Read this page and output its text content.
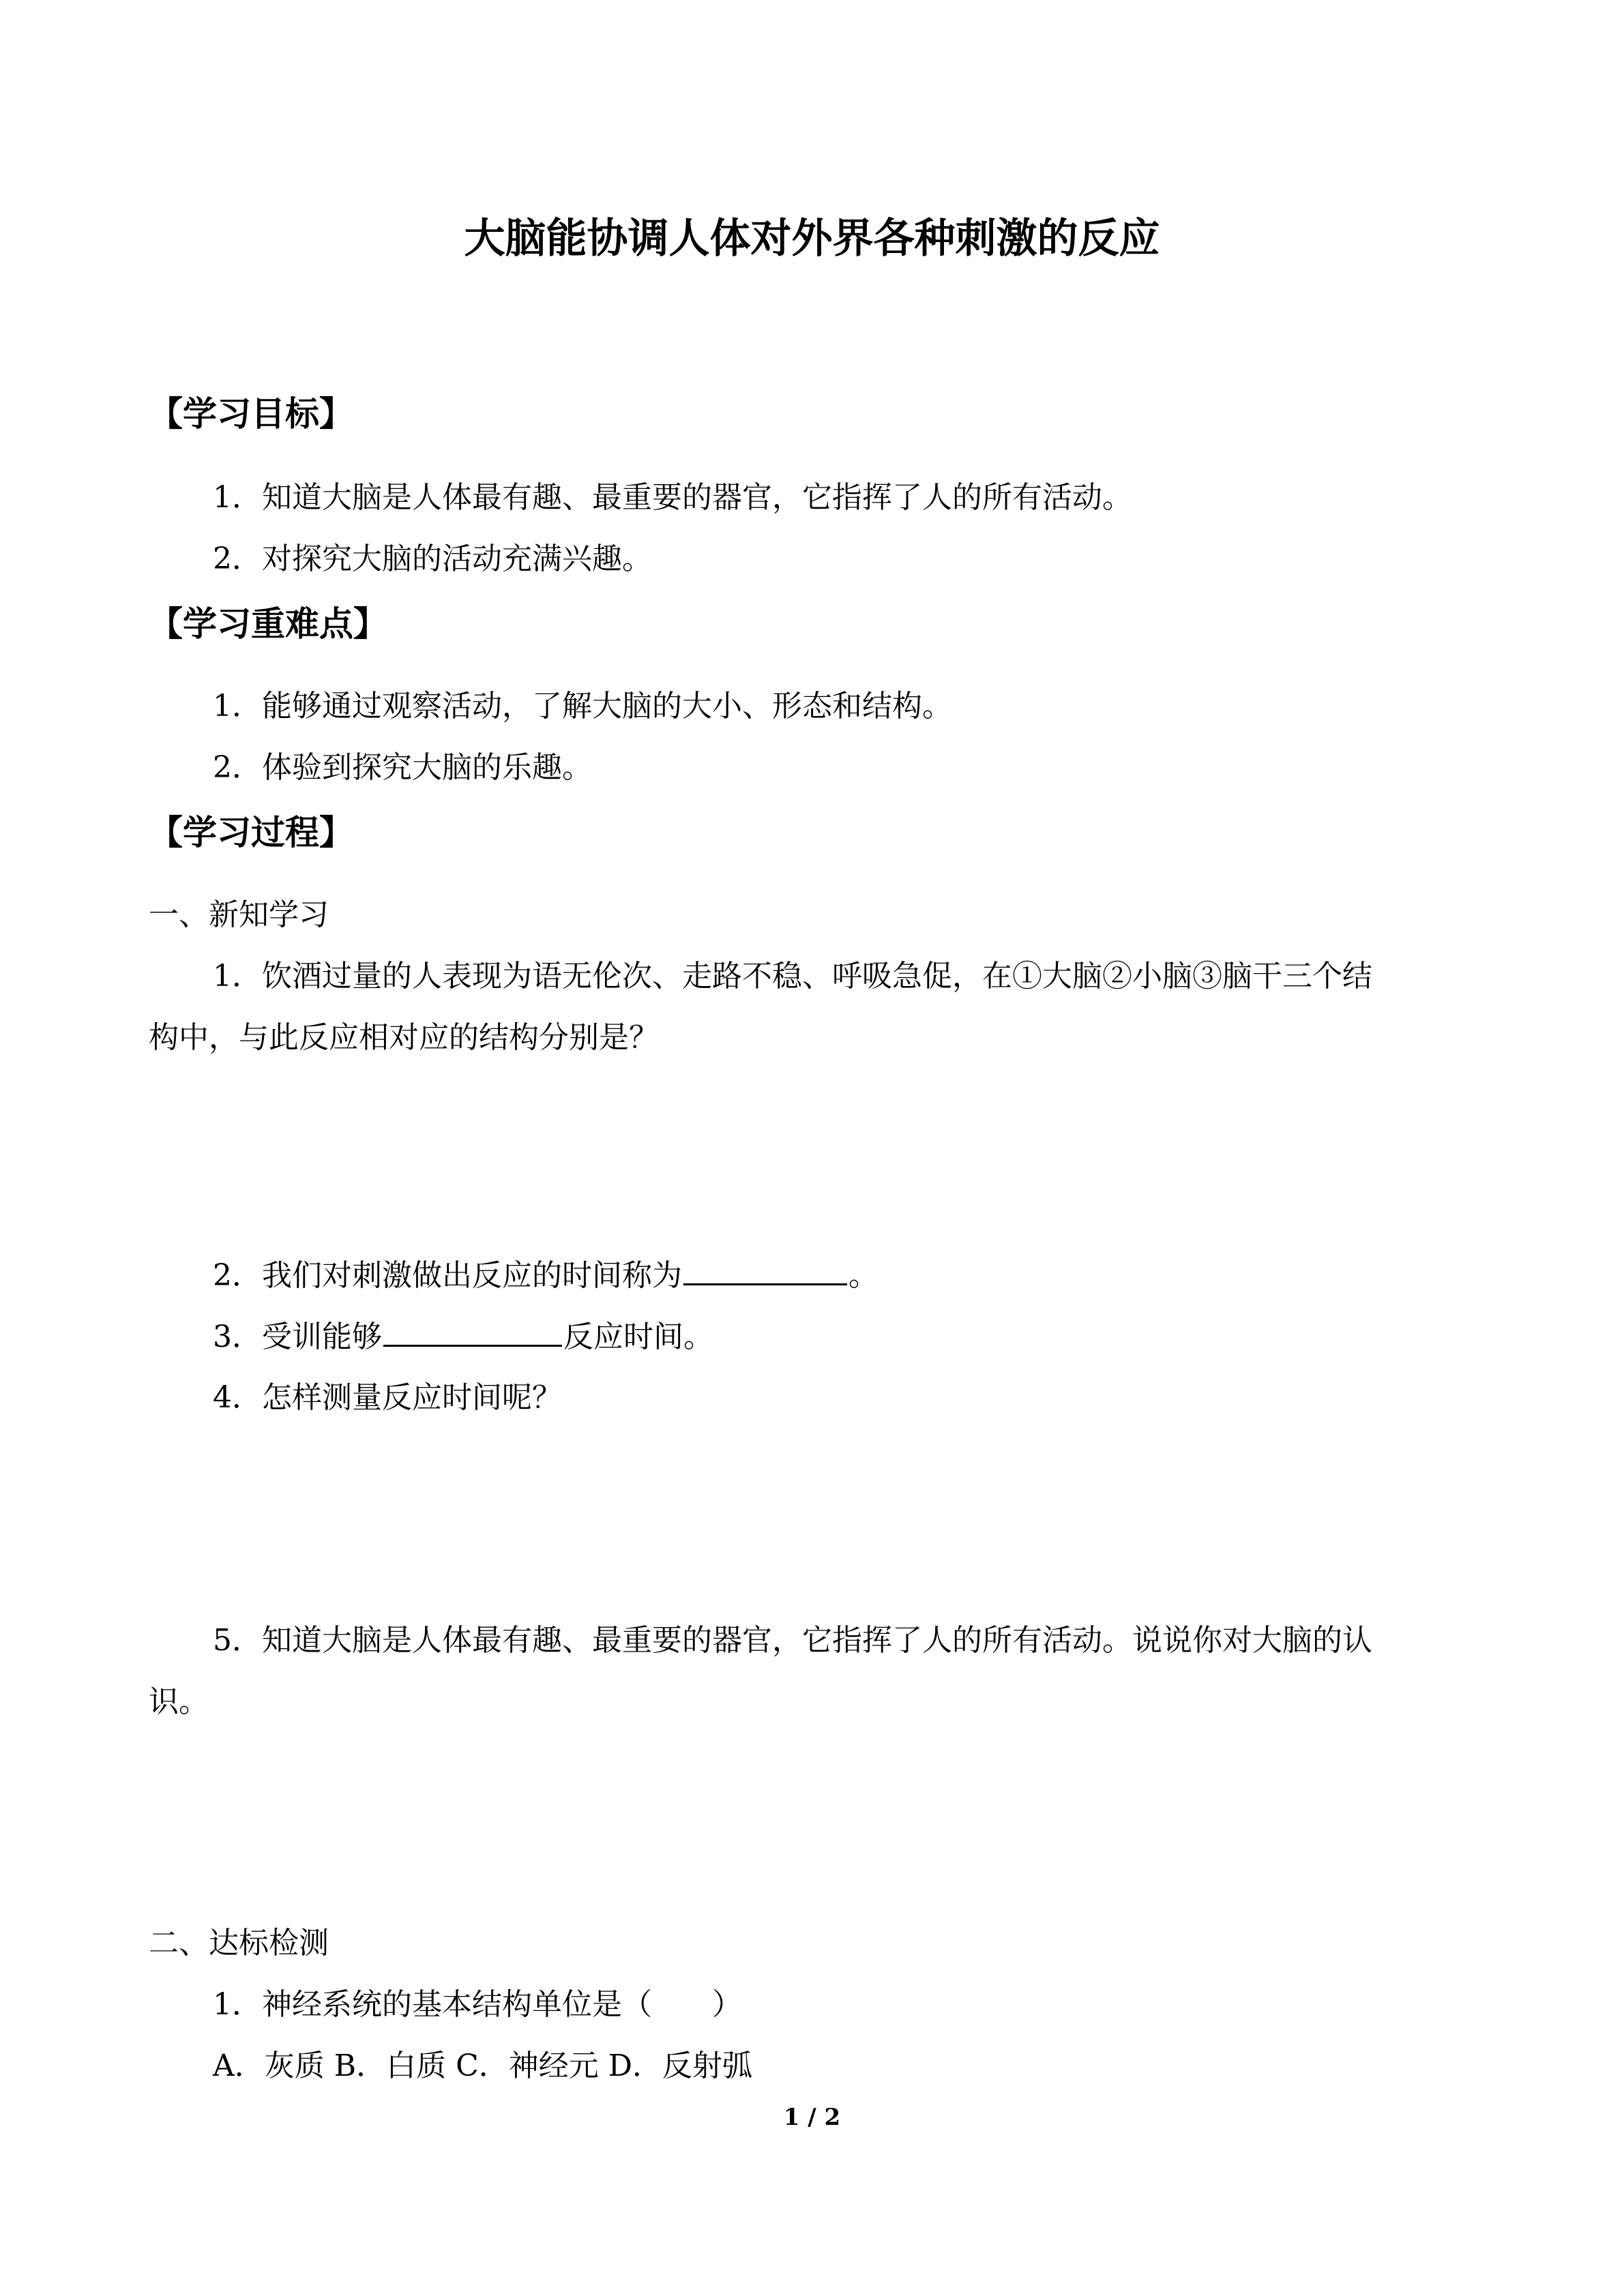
大脑能协调人体对外界各种刺激的反应
【学习目标】
1．知道大脑是人体最有趣、最重要的器官，它指挥了人的所有活动。
2．对探究大脑的活动充满兴趣。
【学习重难点】
1．能够通过观察活动，了解大脑的大小、形态和结构。
2．体验到探究大脑的乐趣。
【学习过程】
一、新知学习
1．饮酒过量的人表现为语无伦次、走路不稳、呼吸急促，在①大脑②小脑③脑干三个结
构中，与此反应相对应的结构分别是？
2．我们对刺激做出反应的时间称为	。
3．受训能够	反应时间。
4．怎样测量反应时间呢？
5．知道大脑是人体最有趣、最重要的器官，它指挥了人的所有活动。说说你对大脑的认
识。
二、达标检测
1．神经系统的基本结构单位是（　　）
A．灰质 B．白质 C．神经元 D．反射弧
1 / 2
